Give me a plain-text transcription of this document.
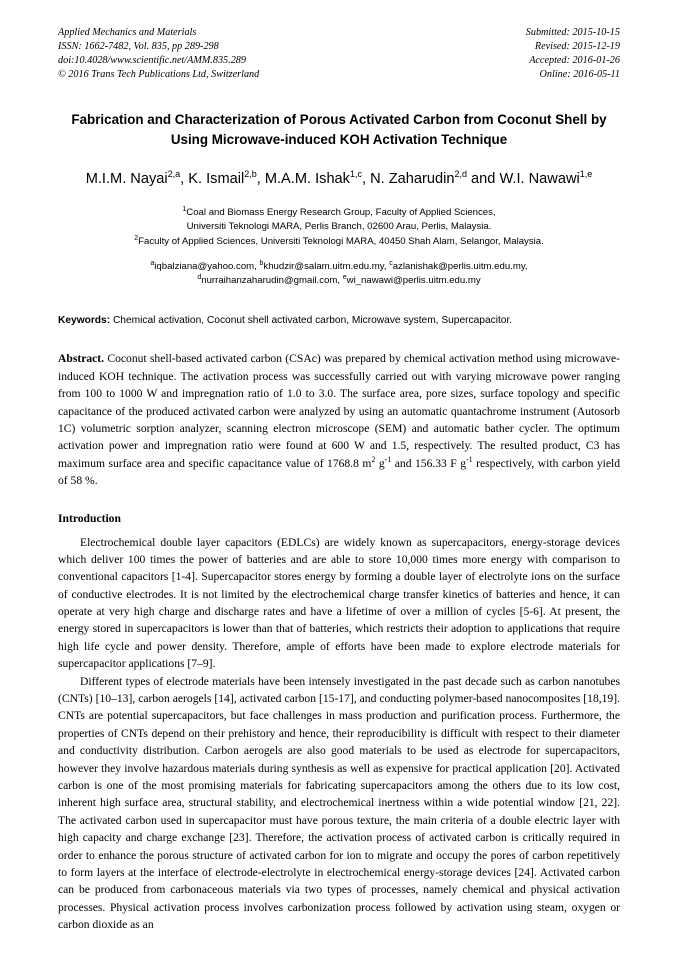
Applied Mechanics and Materials
ISSN: 1662-7482, Vol. 835, pp 289-298
doi:10.4028/www.scientific.net/AMM.835.289
© 2016 Trans Tech Publications Ltd, Switzerland
Submitted: 2015-10-15
Revised: 2015-12-19
Accepted: 2016-01-26
Online: 2016-05-11
Fabrication and Characterization of Porous Activated Carbon from Coconut Shell by Using Microwave-induced KOH Activation Technique
M.I.M. Nayai$^{2,a}$, K. Ismail$^{2,b}$, M.A.M. Ishak$^{1,c}$, N. Zaharudin$^{2,d}$ and W.I. Nawawi$^{1,e}$
$^1$Coal and Biomass Energy Research Group, Faculty of Applied Sciences,
Universiti Teknologi MARA, Perlis Branch, 02600 Arau, Perlis, Malaysia.
$^2$Faculty of Applied Sciences, Universiti Teknologi MARA, 40450 Shah Alam, Selangor, Malaysia.
$^a$iqbalziana@yahoo.com, $^b$khudzir@salam.uitm.edu.my, $^c$azlanishak@perlis.uitm.edu.my,
$^d$nurraihanzaharudin@gmail.com, $^e$wi_nawawi@perlis.uitm.edu.my
Keywords: Chemical activation, Coconut shell activated carbon, Microwave system, Supercapacitor.
Abstract. Coconut shell-based activated carbon (CSAc) was prepared by chemical activation method using microwave-induced KOH technique. The activation process was successfully carried out with varying microwave power ranging from 100 to 1000 W and impregnation ratio of 1.0 to 3.0. The surface area, pore sizes, surface topology and specific capacitance of the produced activated carbon were analyzed by using an automatic quantachrome instrument (Autosorb 1C) volumetric sorption analyzer, scanning electron microscope (SEM) and automatic bather cycler. The optimum activation power and impregnation ratio were found at 600 W and 1.5, respectively. The resulted product, C3 has maximum surface area and specific capacitance value of 1768.8 $m^2$ $g^{-1}$ and 156.33 F $g^{-1}$ respectively, with carbon yield of 58 %.
Introduction
Electrochemical double layer capacitors (EDLCs) are widely known as supercapacitors, energy-storage devices which deliver 100 times the power of batteries and are able to store 10,000 times more energy with comparison to conventional capacitors [1-4]. Supercapacitor stores energy by forming a double layer of electrolyte ions on the surface of conductive electrodes. It is not limited by the electrochemical charge transfer kinetics of batteries and hence, it can operate at very high charge and discharge rates and have a lifetime of over a million of cycles [5-6]. At present, the energy stored in supercapacitors is lower than that of batteries, which restricts their adoption to applications that require high life cycle and power density. Therefore, ample of efforts have been made to explore electrode materials for supercapacitor applications [7–9].
Different types of electrode materials have been intensely investigated in the past decade such as carbon nanotubes (CNTs) [10–13], carbon aerogels [14], activated carbon [15-17], and conducting polymer-based nanocomposites [18,19]. CNTs are potential supercapacitors, but face challenges in mass production and purification process. Furthermore, the properties of CNTs depend on their prehistory and hence, their reproducibility is difficult with respect to their diameter and conductivity distribution. Carbon aerogels are also good materials to be used as electrode for supercapacitors, however they involve hazardous materials during synthesis as well as expensive for practical application [20]. Activated carbon is one of the most promising materials for fabricating supercapacitors among the others due to its low cost, inherent high surface area, structural stability, and electrochemical inertness within a wide potential window [21, 22]. The activated carbon used in supercapacitor must have porous texture, the main criteria of a double electric layer with high capacity and charge exchange [23]. Therefore, the activation process of activated carbon is critically required in order to enhance the porous structure of activated carbon for ion to migrate and occupy the pores of carbon repetitively to form layers at the interface of electrode-electrolyte in electrochemical energy-storage devices [24]. Activated carbon can be produced from carbonaceous materials via two types of processes, namely chemical and physical activation processes. Physical activation process involves carbonization process followed by activation using steam, oxygen or carbon dioxide as an
